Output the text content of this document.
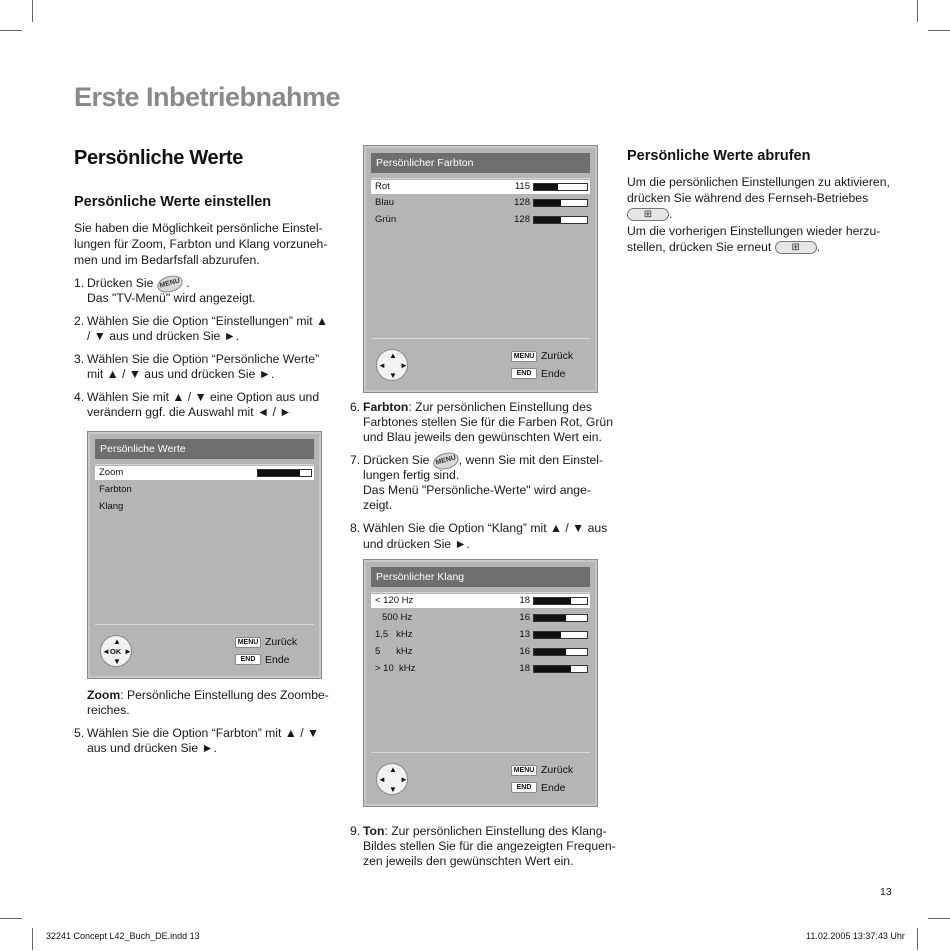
Erste Inbetriebnahme
Persönliche Werte
Persönliche Werte einstellen
Sie haben die Möglichkeit persönliche Einstel-
lungen für Zoom, Farbton und Klang vorzuneh-
men und im Bedarfsfall abzurufen.
1. Drücken Sie MENU .
Das "TV-Menü" wird angezeigt.
2. Wählen Sie die Option “Einstellungen” mit ▲
/ ▼ aus und drücken Sie ►.
3. Wählen Sie die Option “Persönliche Werte”
mit ▲ / ▼ aus und drücken Sie ►.
4. Wählen Sie mit ▲ / ▼ eine Option aus und
verändern ggf. die Auswahl mit ◄ / ►
Persönliche Werte
Zoom
Farbton
Klang
▲
▼
◄ ►
OK
MENU Zurück
END Ende
Zoom: Persönliche Einstellung des Zoombe-
reiches.
5. Wählen Sie die Option “Farbton” mit ▲ / ▼
aus und drücken Sie ►.
Persönlicher Farbton
Rot	115
Blau	128
Grün	128
▲
▼
◄ ►
MENU Zurück
END Ende
6. Farbton: Zur persönlichen Einstellung des
Farbtones stellen Sie für die Farben Rot, Grün
und Blau jeweils den gewünschten Wert ein.
7. Drücken Sie MENU , wenn Sie mit den Einstel-
lungen fertig sind.
Das Menü "Persönliche-Werte" wird ange-
zeigt.
8. Wählen Sie die Option “Klang” mit ▲ / ▼ aus
und drücken Sie ►.
Persönlicher Klang
< 120 Hz	18
500 Hz	16
1,5   kHz	13
5      kHz	16
> 10  kHz	18
▲
▼
◄ ►
MENU Zurück
END Ende
9. Ton: Zur persönlichen Einstellung des Klang-
Bildes stellen Sie für die angezeigten Frequen-
zen jeweils den gewünschten Wert ein.
Persönliche Werte abrufen
Um die persönlichen Einstellungen zu aktivieren,
drücken Sie während des Fernseh-Betriebes
⊞ .
Um die vorherigen Einstellungen wieder herzu-
stellen, drücken Sie erneut ⊞ .
13
32241 Concept L42_Buch_DE.indd 13	11.02.2005 13:37:43 Uhr
